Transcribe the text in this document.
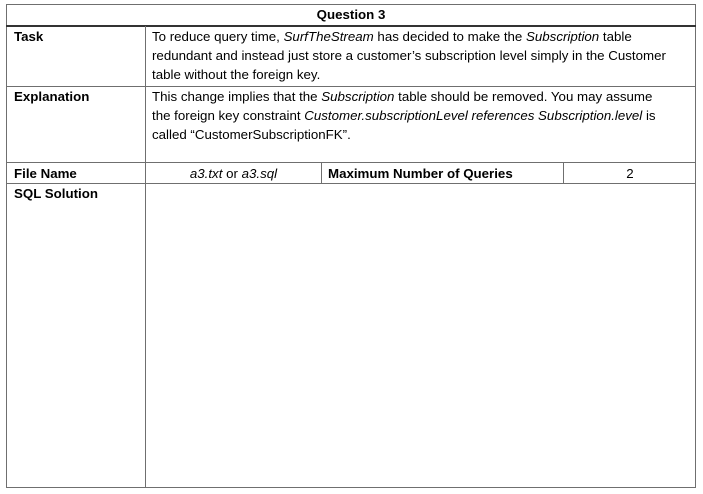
Question 3
Task	To reduce query time, SurfTheStream has decided to make the Subscription table redundant and instead just store a customer’s subscription level simply in the Customer table without the foreign key.
Explanation	This change implies that the Subscription table should be removed. You may assume the foreign key constraint Customer.subscriptionLevel references Subscription.level is called “CustomerSubscriptionFK”.
File Name	a3.txt or a3.sql	Maximum Number of Queries	2
SQL Solution
